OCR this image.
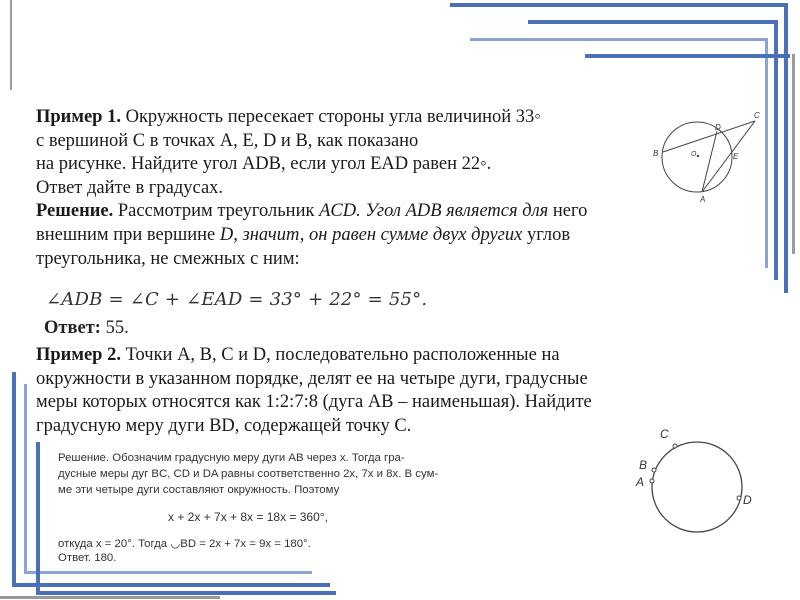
Пример 1. Окружность пересекает стороны угла величиной 33◦
с вершиной С в точках А, E, D и B, как показано
на рисунке. Найдите угол ADB, если угол EAD равен 22◦.
Ответ дайте в градусах.
Решение. Рассмотрим треугольник ACD. Угол ADB является для него
внешним при вершине D, значит, он равен сумме двух других углов
треугольника, не смежных с ним:
∠ADB = ∠C + ∠EAD = 33° + 22° = 55°.
Ответ: 55.
Пример 2. Точки A, B, C и D, последовательно расположенные на
окружности в указанном порядке, делят ее на четыре дуги, градусные
меры которых относятся как 1:2:7:8 (дуга AB – наименьшая). Найдите
градусную меру дуги BD, содержащей точку С.
Решение. Обозначим градусную меру дуги AB через x. Тогда гра-
дусные меры дуг BC, CD и DA равны соответственно 2x, 7x и 8x. В сум-
ме эти четыре дуги составляют окружность. Поэтому
x + 2x + 7x + 8x = 18x = 360°,
откуда x = 20°. Тогда ◡BD = 2x + 7x = 9x = 180°.
Ответ. 180.
B
D
C
O	E
A
C
B
A
D
